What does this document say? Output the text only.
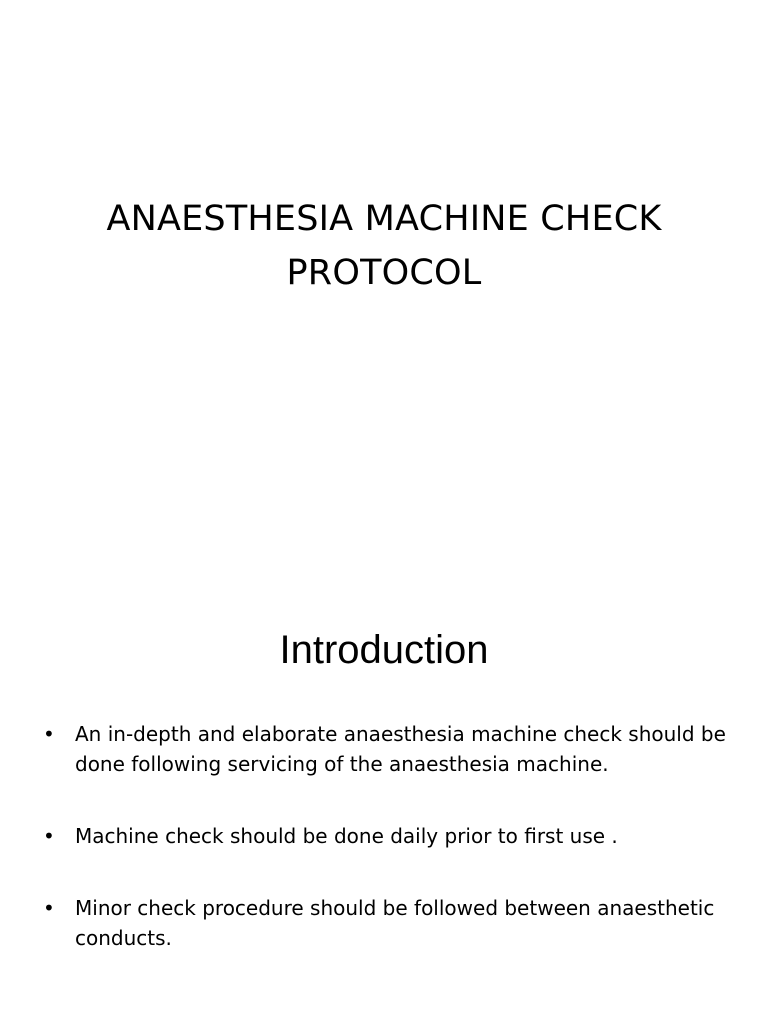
ANAESTHESIA MACHINE CHECK PROTOCOL
Introduction
• An in-depth and elaborate anaesthesia machine check should be done following servicing of the anaesthesia machine.
• Machine check should be done daily prior to first use .
• Minor check procedure should be followed between anaesthetic conducts.
